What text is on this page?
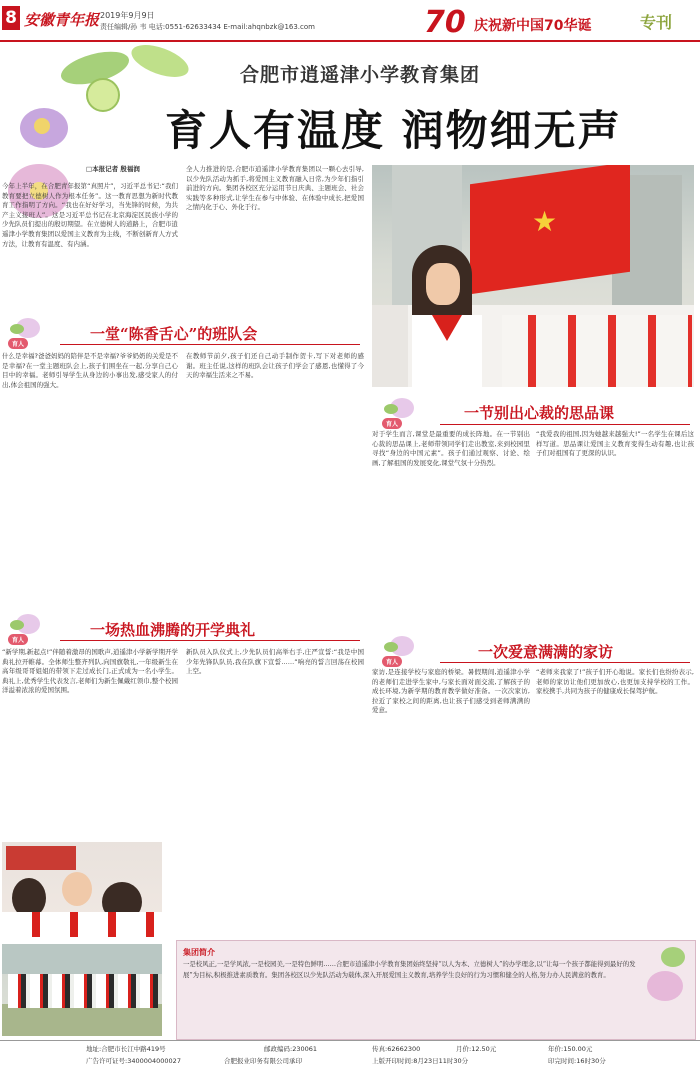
8 安徽青年报 2019年9月9日
责任编辑/孙 韦 电话:0551-62633434 E-mail:ahqnbzk@163.com	70 庆祝新中国70华诞	专刊
合肥市逍遥津小学教育集团
育人有温度 润物细无声
□本报记者 殷福润
今年上半年，在合肥青年报第“真照片”，习近平总书记:“我们教育要把立德树人作为根本任务”。这一教育思想为新时代教育工作指明了方向。“我也在好好学习，当先锋的时候，为共产主义接班人”。这是习近平总书记在北京海淀区民族小学的少先队员们提出的殷切期望。在立德树人的道路上，合肥市逍遥津小学教育集团以爱国主义教育为主线，不断创新育人方式方法，让教育有温度、有内涵。
全人力推进的是,合肥市逍遥津小学教育集团以一颗心去引导,以少先队活动为抓手,将爱国主义教育融入日常,为少年们指引前进的方向。集团各校区充分运用节日庆典、主题班会、社会实践等多种形式,让学生在参与中体验、在体验中成长,把爱国之情内化于心、外化于行。	★
育人
一堂“陈香舌心”的班队会
什么是幸福?爸爸妈妈的陪伴是不是幸福?爷爷奶奶的关爱是不是幸福?在一堂主题班队会上,孩子们围坐在一起,分享自己心目中的幸福。老师引导学生从身边的小事出发,感受家人的付出,体会祖国的强大。
在教师节前夕,孩子们还自己动手制作贺卡,写下对老师的感谢。班主任说,这样的班队会让孩子们学会了感恩,也懂得了今天的幸福生活来之不易。
育人
一节别出心裁的思品课
对于学生而言,课堂是最重要的成长阵地。在一节别出心裁的思品课上,老师带领同学们走出教室,来到校园里寻找“身边的中国元素”。孩子们通过观察、讨论、绘画,了解祖国的发展变化,课堂气氛十分热烈。
“我爱我的祖国,因为她越来越强大!”一名学生在课后这样写道。思品课让爱国主义教育变得生动有趣,也让孩子们对祖国有了更深的认识。
育人
一场热血沸腾的开学典礼
“新学期,新起点!”伴随着激昂的国歌声,逍遥津小学新学期开学典礼拉开帷幕。全体师生整齐列队,向国旗敬礼,一年级新生在高年级哥哥姐姐的带领下走过成长门,正式成为一名小学生。典礼上,优秀学生代表发言,老师们为新生佩戴红领巾,整个校园洋溢着浓浓的爱国氛围。
新队员入队仪式上,少先队员们高举右手,庄严宣誓:“我是中国少年先锋队队员,我在队旗下宣誓……”响亮的誓言回荡在校园上空。
育人
一次爱意满满的家访
家访,是连接学校与家庭的桥梁。暑假期间,逍遥津小学的老师们走进学生家中,与家长面对面交流,了解孩子的成长环境,为新学期的教育教学做好准备。一次次家访,拉近了家校之间的距离,也让孩子们感受到老师满满的爱意。
“老师来我家了!”孩子们开心地说。家长们也纷纷表示,老师的家访让他们更加放心,也更加支持学校的工作。家校携手,共同为孩子的健康成长保驾护航。
集团简介
一是校风正,一是学风浓,一是校园美,一是特色鲜明……合肥市逍遥津小学教育集团始终坚持“以人为本、立德树人”的办学理念,以“让每一个孩子都能得到最好的发展”为目标,积极推进素质教育。集团各校区以少先队活动为载体,深入开展爱国主义教育,培养学生良好的行为习惯和健全的人格,努力办人民满意的教育。
地址:合肥市长江中路419号	邮政编码:230061	传真:62662300	月价:12.50元	年价:150.00元
广告许可证号:3400004000027	合肥报业印务有限公司承印	上版开印时间:8月23日11时30分	印完时间:16时30分
